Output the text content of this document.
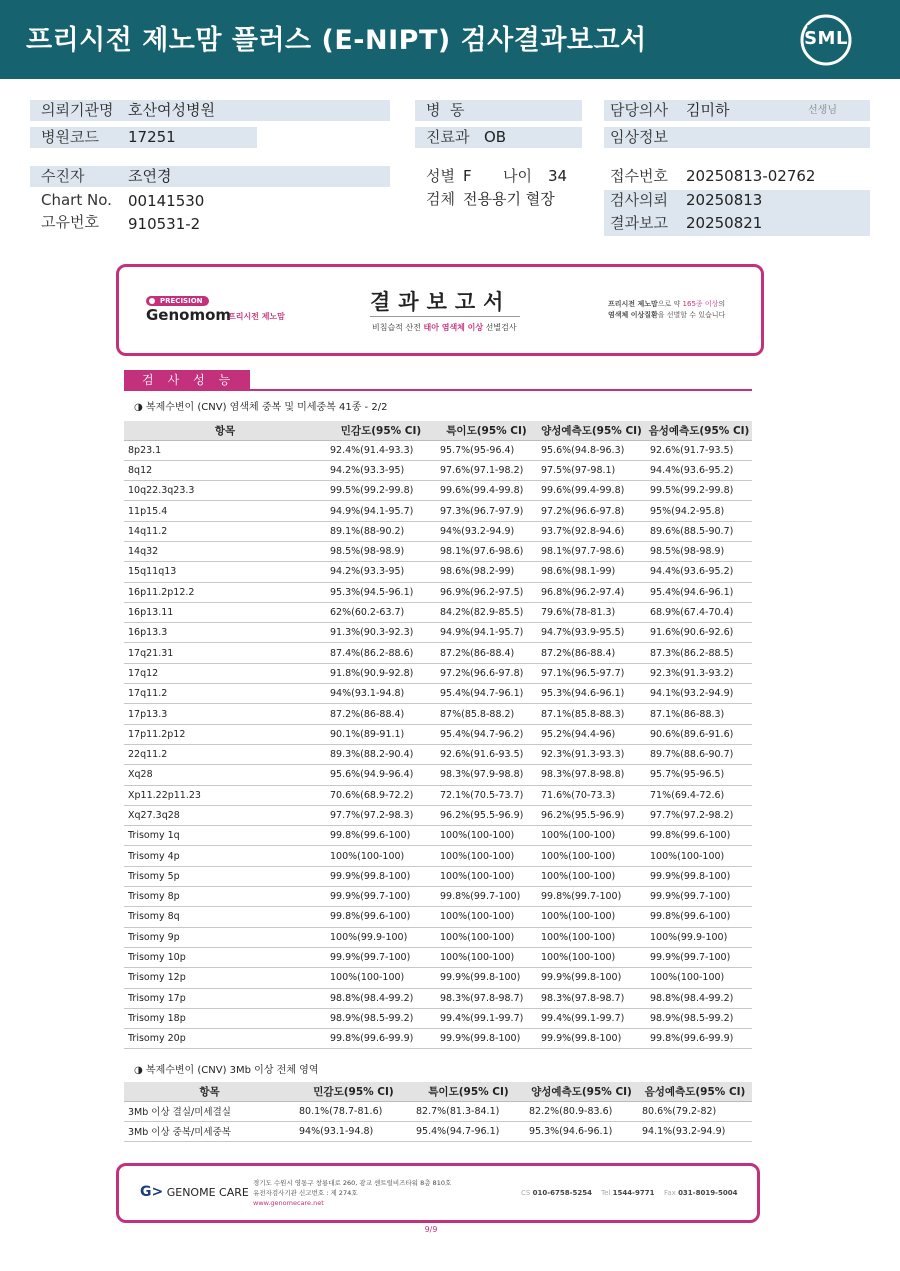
프리시전 제노맘 플러스 (E-NIPT) 검사결과보고서	SML
의뢰기관명 호산여성병원
병원코드 17251
병  동
진료과 OB
담당의사 김미하	선생님
임상정보
수진자	조연경
Chart No. 00141530
고유번호 910531-2
성별 F 나이 34
검체 전용용기 혈장
접수번호 20250813-02762
검사의뢰 20250813
결과보고 20250821
PRECISION
Genomom
프리시전 제노맘
결과보고서
비침습적 산전 태아 염색체 이상 선별검사
프리시전 제노맘으로 약 165종 이상의
염색체 이상질환을 선별할 수 있습니다
검사성능
◑ 복제수변이 (CNV) 염색체 중복 및 미세중복 41종 - 2/2
항목	민감도(95% CI)	특이도(95% CI)	양성예측도(95% CI)	음성예측도(95% CI)
8p23.1	92.4%(91.4-93.3)	95.7%(95-96.4)	95.6%(94.8-96.3)	92.6%(91.7-93.5)
8q12	94.2%(93.3-95)	97.6%(97.1-98.2)	97.5%(97-98.1)	94.4%(93.6-95.2)
10q22.3q23.3	99.5%(99.2-99.8)	99.6%(99.4-99.8)	99.6%(99.4-99.8)	99.5%(99.2-99.8)
11p15.4	94.9%(94.1-95.7)	97.3%(96.7-97.9)	97.2%(96.6-97.8)	95%(94.2-95.8)
14q11.2	89.1%(88-90.2)	94%(93.2-94.9)	93.7%(92.8-94.6)	89.6%(88.5-90.7)
14q32	98.5%(98-98.9)	98.1%(97.6-98.6)	98.1%(97.7-98.6)	98.5%(98-98.9)
15q11q13	94.2%(93.3-95)	98.6%(98.2-99)	98.6%(98.1-99)	94.4%(93.6-95.2)
16p11.2p12.2	95.3%(94.5-96.1)	96.9%(96.2-97.5)	96.8%(96.2-97.4)	95.4%(94.6-96.1)
16p13.11	62%(60.2-63.7)	84.2%(82.9-85.5)	79.6%(78-81.3)	68.9%(67.4-70.4)
16p13.3	91.3%(90.3-92.3)	94.9%(94.1-95.7)	94.7%(93.9-95.5)	91.6%(90.6-92.6)
17q21.31	87.4%(86.2-88.6)	87.2%(86-88.4)	87.2%(86-88.4)	87.3%(86.2-88.5)
17q12	91.8%(90.9-92.8)	97.2%(96.6-97.8)	97.1%(96.5-97.7)	92.3%(91.3-93.2)
17q11.2	94%(93.1-94.8)	95.4%(94.7-96.1)	95.3%(94.6-96.1)	94.1%(93.2-94.9)
17p13.3	87.2%(86-88.4)	87%(85.8-88.2)	87.1%(85.8-88.3)	87.1%(86-88.3)
17p11.2p12	90.1%(89-91.1)	95.4%(94.7-96.2)	95.2%(94.4-96)	90.6%(89.6-91.6)
22q11.2	89.3%(88.2-90.4)	92.6%(91.6-93.5)	92.3%(91.3-93.3)	89.7%(88.6-90.7)
Xq28	95.6%(94.9-96.4)	98.3%(97.9-98.8)	98.3%(97.8-98.8)	95.7%(95-96.5)
Xp11.22p11.23	70.6%(68.9-72.2)	72.1%(70.5-73.7)	71.6%(70-73.3)	71%(69.4-72.6)
Xq27.3q28	97.7%(97.2-98.3)	96.2%(95.5-96.9)	96.2%(95.5-96.9)	97.7%(97.2-98.2)
Trisomy 1q	99.8%(99.6-100)	100%(100-100)	100%(100-100)	99.8%(99.6-100)
Trisomy 4p	100%(100-100)	100%(100-100)	100%(100-100)	100%(100-100)
Trisomy 5p	99.9%(99.8-100)	100%(100-100)	100%(100-100)	99.9%(99.8-100)
Trisomy 8p	99.9%(99.7-100)	99.8%(99.7-100)	99.8%(99.7-100)	99.9%(99.7-100)
Trisomy 8q	99.8%(99.6-100)	100%(100-100)	100%(100-100)	99.8%(99.6-100)
Trisomy 9p	100%(99.9-100)	100%(100-100)	100%(100-100)	100%(99.9-100)
Trisomy 10p	99.9%(99.7-100)	100%(100-100)	100%(100-100)	99.9%(99.7-100)
Trisomy 12p	100%(100-100)	99.9%(99.8-100)	99.9%(99.8-100)	100%(100-100)
Trisomy 17p	98.8%(98.4-99.2)	98.3%(97.8-98.7)	98.3%(97.8-98.7)	98.8%(98.4-99.2)
Trisomy 18p	98.9%(98.5-99.2)	99.4%(99.1-99.7)	99.4%(99.1-99.7)	98.9%(98.5-99.2)
Trisomy 20p	99.8%(99.6-99.9)	99.9%(99.8-100)	99.9%(99.8-100)	99.8%(99.6-99.9)
◑ 복제수변이 (CNV) 3Mb 이상 전체 영역
항목	민감도(95% CI)	특이도(95% CI)	양성예측도(95% CI)	음성예측도(95% CI)
3Mb 이상 결실/미세결실	80.1%(78.7-81.6)	82.7%(81.3-84.1)	82.2%(80.9-83.6)	80.6%(79.2-82)
3Mb 이상 중복/미세중복	94%(93.1-94.8)	95.4%(94.7-96.1)	95.3%(94.6-96.1)	94.1%(93.2-94.9)
G> GENOME CARE
경기도 수원시 영통구 창룡대로 260, 광교 센트럴비즈타워 8층 810호
유전자검사기관 신고번호 : 제 274호
www.genomecare.net
CS 010-6758-5254 Tel 1544-9771 Fax 031-8019-5004
9/9
